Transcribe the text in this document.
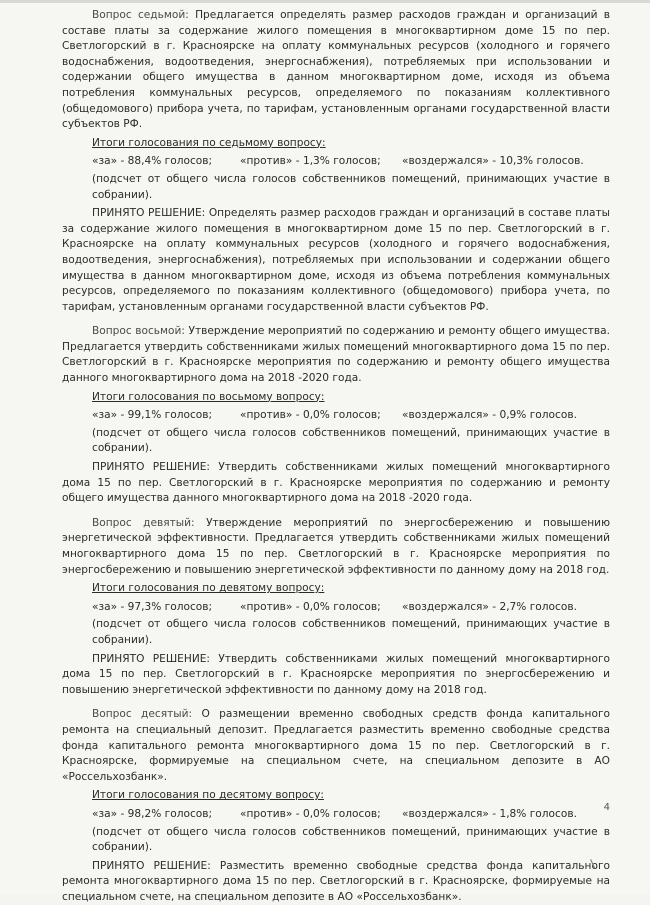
Вопрос седьмой: Предлагается определять размер расходов граждан и организаций в составе платы за содержание жилого помещения в многоквартирном доме 15 по пер. Светлогорский в г. Красноярске на оплату коммунальных ресурсов (холодного и горячего водоснабжения, водоотведения, энергоснабжения), потребляемых при использовании и содержании общего имущества в данном многоквартирном доме, исходя из объема потребления коммунальных ресурсов, определяемого по показаниям коллективного (общедомового) прибора учета, по тарифам, установленным органами государственной власти субъектов РФ.

Итоги голосования по седьмому вопросу:

«за» - 88,4% голосов;	«против» - 1,3% голосов;	«воздержался» - 10,3% голосов.

(подсчет от общего числа голосов собственников помещений, принимающих участие в собрании).

ПРИНЯТО РЕШЕНИЕ: Определять размер расходов граждан и организаций в составе платы за содержание жилого помещения в многоквартирном доме 15 по пер. Светлогорский в г. Красноярске на оплату коммунальных ресурсов (холодного и горячего водоснабжения, водоотведения, энергоснабжения), потребляемых при использовании и содержании общего имущества в данном многоквартирном доме, исходя из объема потребления коммунальных ресурсов, определяемого по показаниям коллективного (общедомового) прибора учета, по тарифам, установленным органами государственной власти субъектов РФ.

Вопрос восьмой: Утверждение мероприятий по содержанию и ремонту общего имущества. Предлагается утвердить собственниками жилых помещений многоквартирного дома 15 по пер. Светлогорский в г. Красноярске мероприятия по содержанию и ремонту общего имущества данного многоквартирного дома на 2018 -2020 года.

Итоги голосования по восьмому вопросу:

«за» - 99,1% голосов;	«против» - 0,0% голосов;	«воздержался» - 0,9% голосов.

(подсчет от общего числа голосов собственников помещений, принимающих участие в собрании).

ПРИНЯТО РЕШЕНИЕ: Утвердить собственниками жилых помещений многоквартирного дома 15 по пер. Светлогорский в г. Красноярске мероприятия по содержанию и ремонту общего имущества данного многоквартирного дома на 2018 -2020 года.

Вопрос девятый: Утверждение мероприятий по энергосбережению и повышению энергетической эффективности. Предлагается утвердить собственниками жилых помещений многоквартирного дома 15 по пер. Светлогорский в г. Красноярске мероприятия по энергосбережению и повышению энергетической эффективности по данному дому на 2018 год.

Итоги голосования по девятому вопросу:

«за» - 97,3% голосов;	«против» - 0,0% голосов;	«воздержался» - 2,7% голосов.

(подсчет от общего числа голосов собственников помещений, принимающих участие в собрании).

ПРИНЯТО РЕШЕНИЕ: Утвердить собственниками жилых помещений многоквартирного дома 15 по пер. Светлогорский в г. Красноярске мероприятия по энергосбережению и повышению энергетической эффективности по данному дому на 2018 год.

Вопрос десятый: О размещении временно свободных средств фонда капитального ремонта на специальный депозит. Предлагается разместить временно свободные средства фонда капитального ремонта многоквартирного дома 15 по пер. Светлогорский в г. Красноярске, формируемые на специальном счете, на специальном депозите в АО «Россельхозбанк».

Итоги голосования по десятому вопросу:

«за» - 98,2% голосов;	«против» - 0,0% голосов;	«воздержался» - 1,8% голосов.

(подсчет от общего числа голосов собственников помещений, принимающих участие в собрании).

ПРИНЯТО РЕШЕНИЕ: Разместить временно свободные средства фонда капитального ремонта многоквартирного дома 15 по пер. Светлогорский в г. Красноярске, формируемые на специальном счете, на специальном депозите в АО «Россельхозбанк».

4
